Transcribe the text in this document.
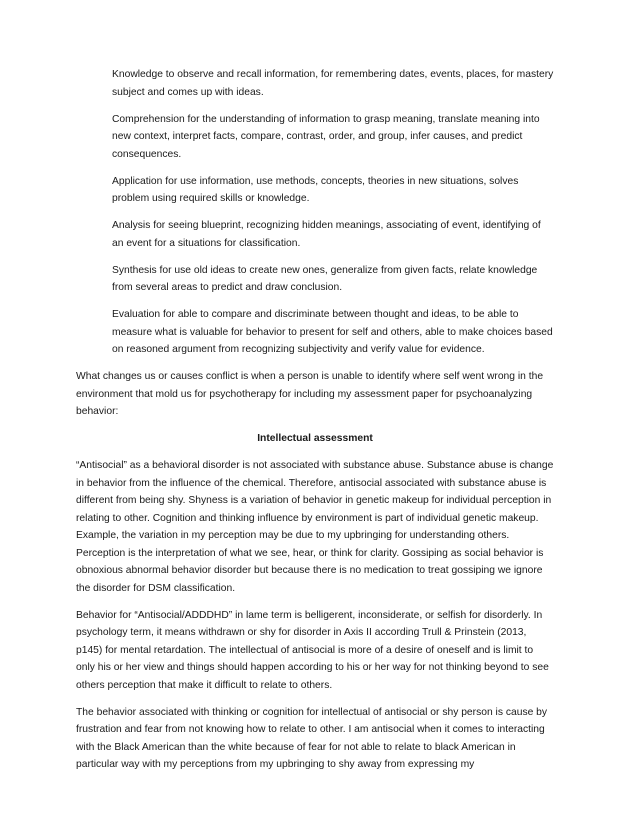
Knowledge to observe and recall information, for remembering dates, events, places, for mastery subject and comes up with ideas.

Comprehension for the understanding of information to grasp meaning, translate meaning into new context, interpret facts, compare, contrast, order, and group, infer causes, and predict consequences.

Application for use information, use methods, concepts, theories in new situations, solves problem using required skills or knowledge.

Analysis for seeing blueprint, recognizing hidden meanings, associating of event, identifying of an event for a situations for classification.

Synthesis for use old ideas to create new ones, generalize from given facts, relate knowledge from several areas to predict and draw conclusion.

Evaluation for able to compare and discriminate between thought and ideas, to be able to measure what is valuable for behavior to present for self and others, able to make choices based on reasoned argument from recognizing subjectivity and verify value for evidence.

What changes us or causes conflict is when a person is unable to identify where self went wrong in the environment that mold us for psychotherapy for including my assessment paper for psychoanalyzing behavior:

Intellectual assessment

“Antisocial” as a behavioral disorder is not associated with substance abuse. Substance abuse is change in behavior from the influence of the chemical. Therefore, antisocial associated with substance abuse is different from being shy. Shyness is a variation of behavior in genetic makeup for individual perception in relating to other. Cognition and thinking influence by environment is part of individual genetic makeup. Example, the variation in my perception may be due to my upbringing for understanding others. Perception is the interpretation of what we see, hear, or think for clarity. Gossiping as social behavior is obnoxious abnormal behavior disorder but because there is no medication to treat gossiping we ignore the disorder for DSM classification.

Behavior for “Antisocial/ADDDHD” in lame term is belligerent, inconsiderate, or selfish for disorderly. In psychology term, it means withdrawn or shy for disorder in Axis II according Trull & Prinstein (2013, p145) for mental retardation. The intellectual of antisocial is more of a desire of oneself and is limit to only his or her view and things should happen according to his or her way for not thinking beyond to see others perception that make it difficult to relate to others.

The behavior associated with thinking or cognition for intellectual of antisocial or shy person is cause by frustration and fear from not knowing how to relate to other. I am antisocial when it comes to interacting with the Black American than the white because of fear for not able to relate to black American in particular way with my perceptions from my upbringing to shy away from expressing my
